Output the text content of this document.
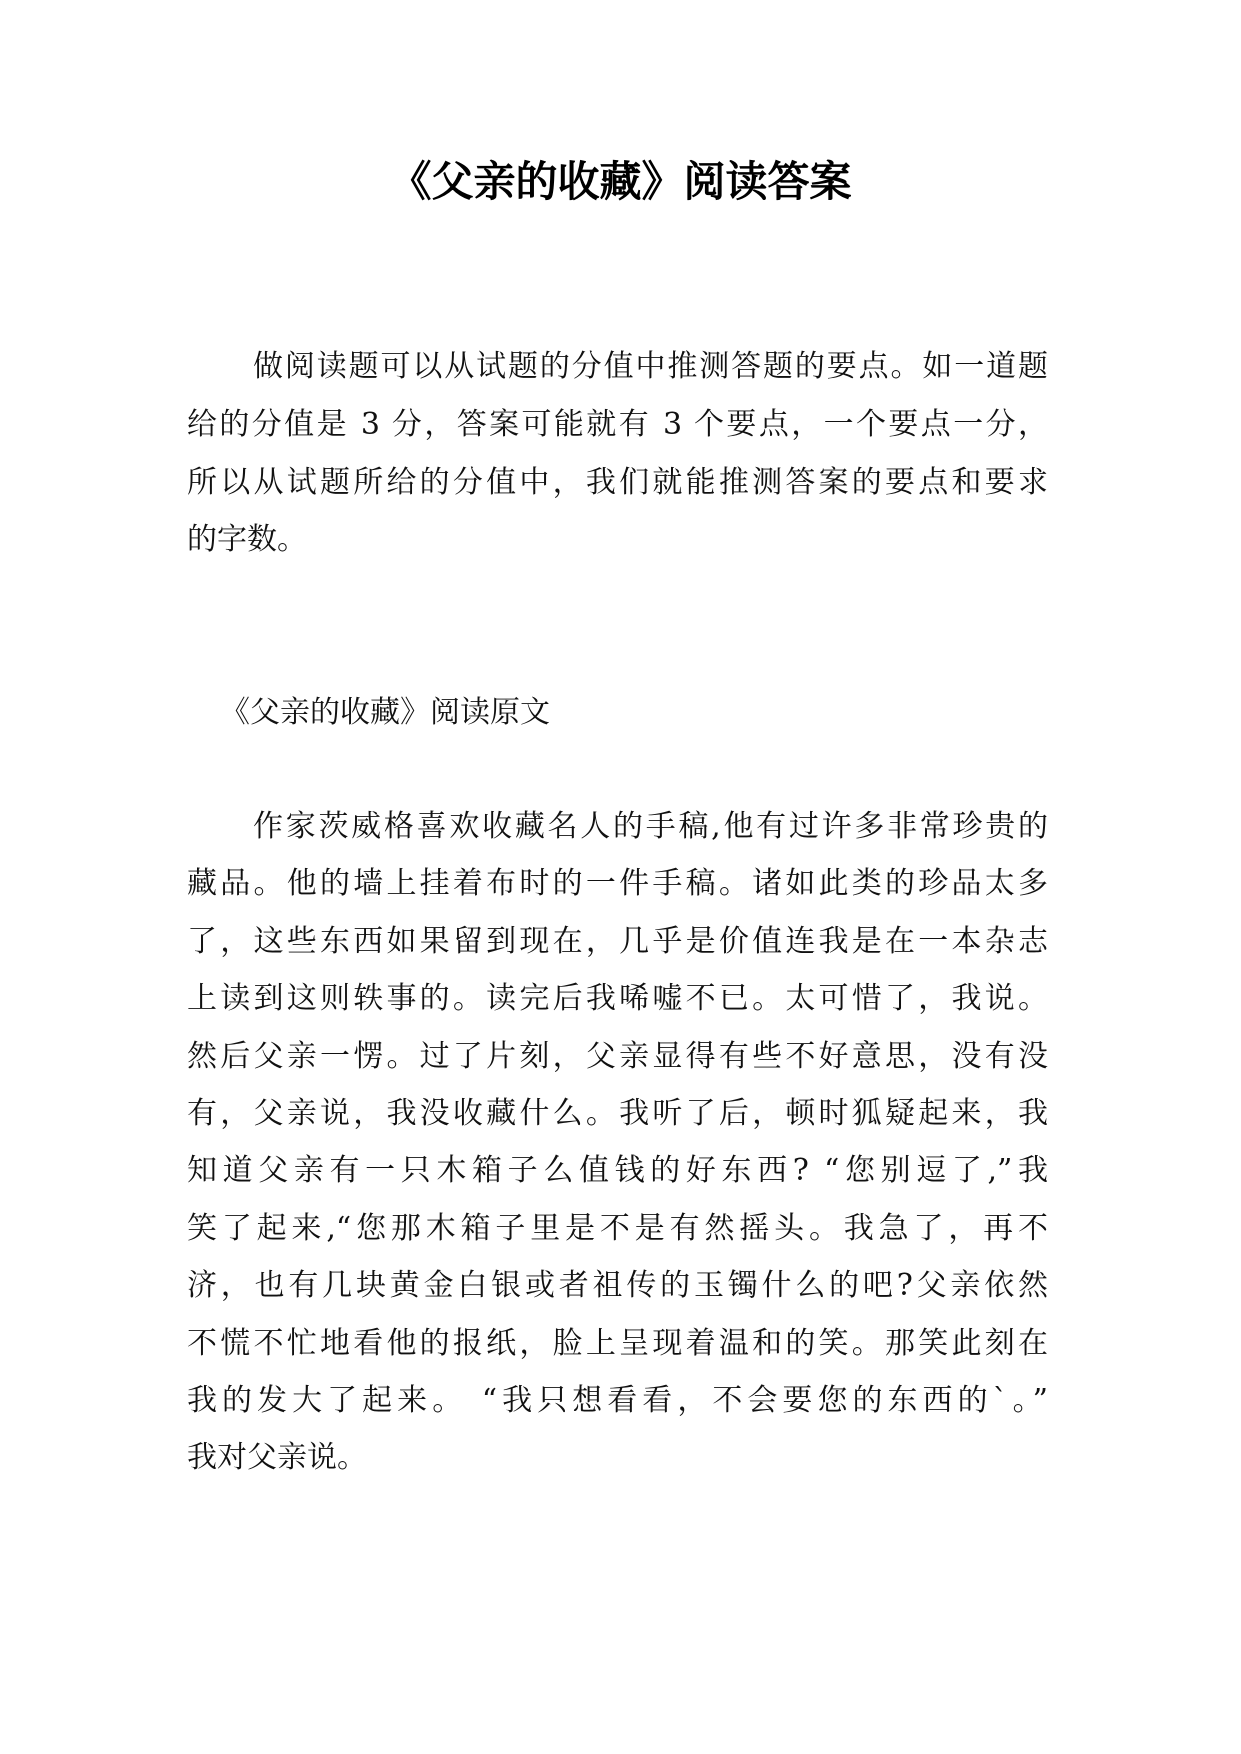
《父亲的收藏》阅读答案
做阅读题可以从试题的分值中推测答题的要点。如一道题
给的分值是 3 分，答案可能就有 3 个要点，一个要点一分，
所以从试题所给的分值中，我们就能推测答案的要点和要求
的字数。
《父亲的收藏》阅读原文
作家茨威格喜欢收藏名人的手稿,他有过许多非常珍贵的
藏品。他的墙上挂着布时的一件手稿。诸如此类的珍品太多
了，这些东西如果留到现在，几乎是价值连我是在一本杂志
上读到这则轶事的。读完后我唏嘘不已。太可惜了，我说。
然后父亲一愣。过了片刻，父亲显得有些不好意思，没有没
有，父亲说，我没收藏什么。我听了后，顿时狐疑起来，我
知道父亲有一只木箱子么值钱的好东西? “您别逗了,”我
笑了起来,“您那木箱子里是不是有然摇头。我急了，再不
济，也有几块黄金白银或者祖传的玉镯什么的吧?父亲依然
不慌不忙地看他的报纸，脸上呈现着温和的笑。那笑此刻在
我的发大了起来。 “我只想看看，不会要您的东西的`。”
我对父亲说。
